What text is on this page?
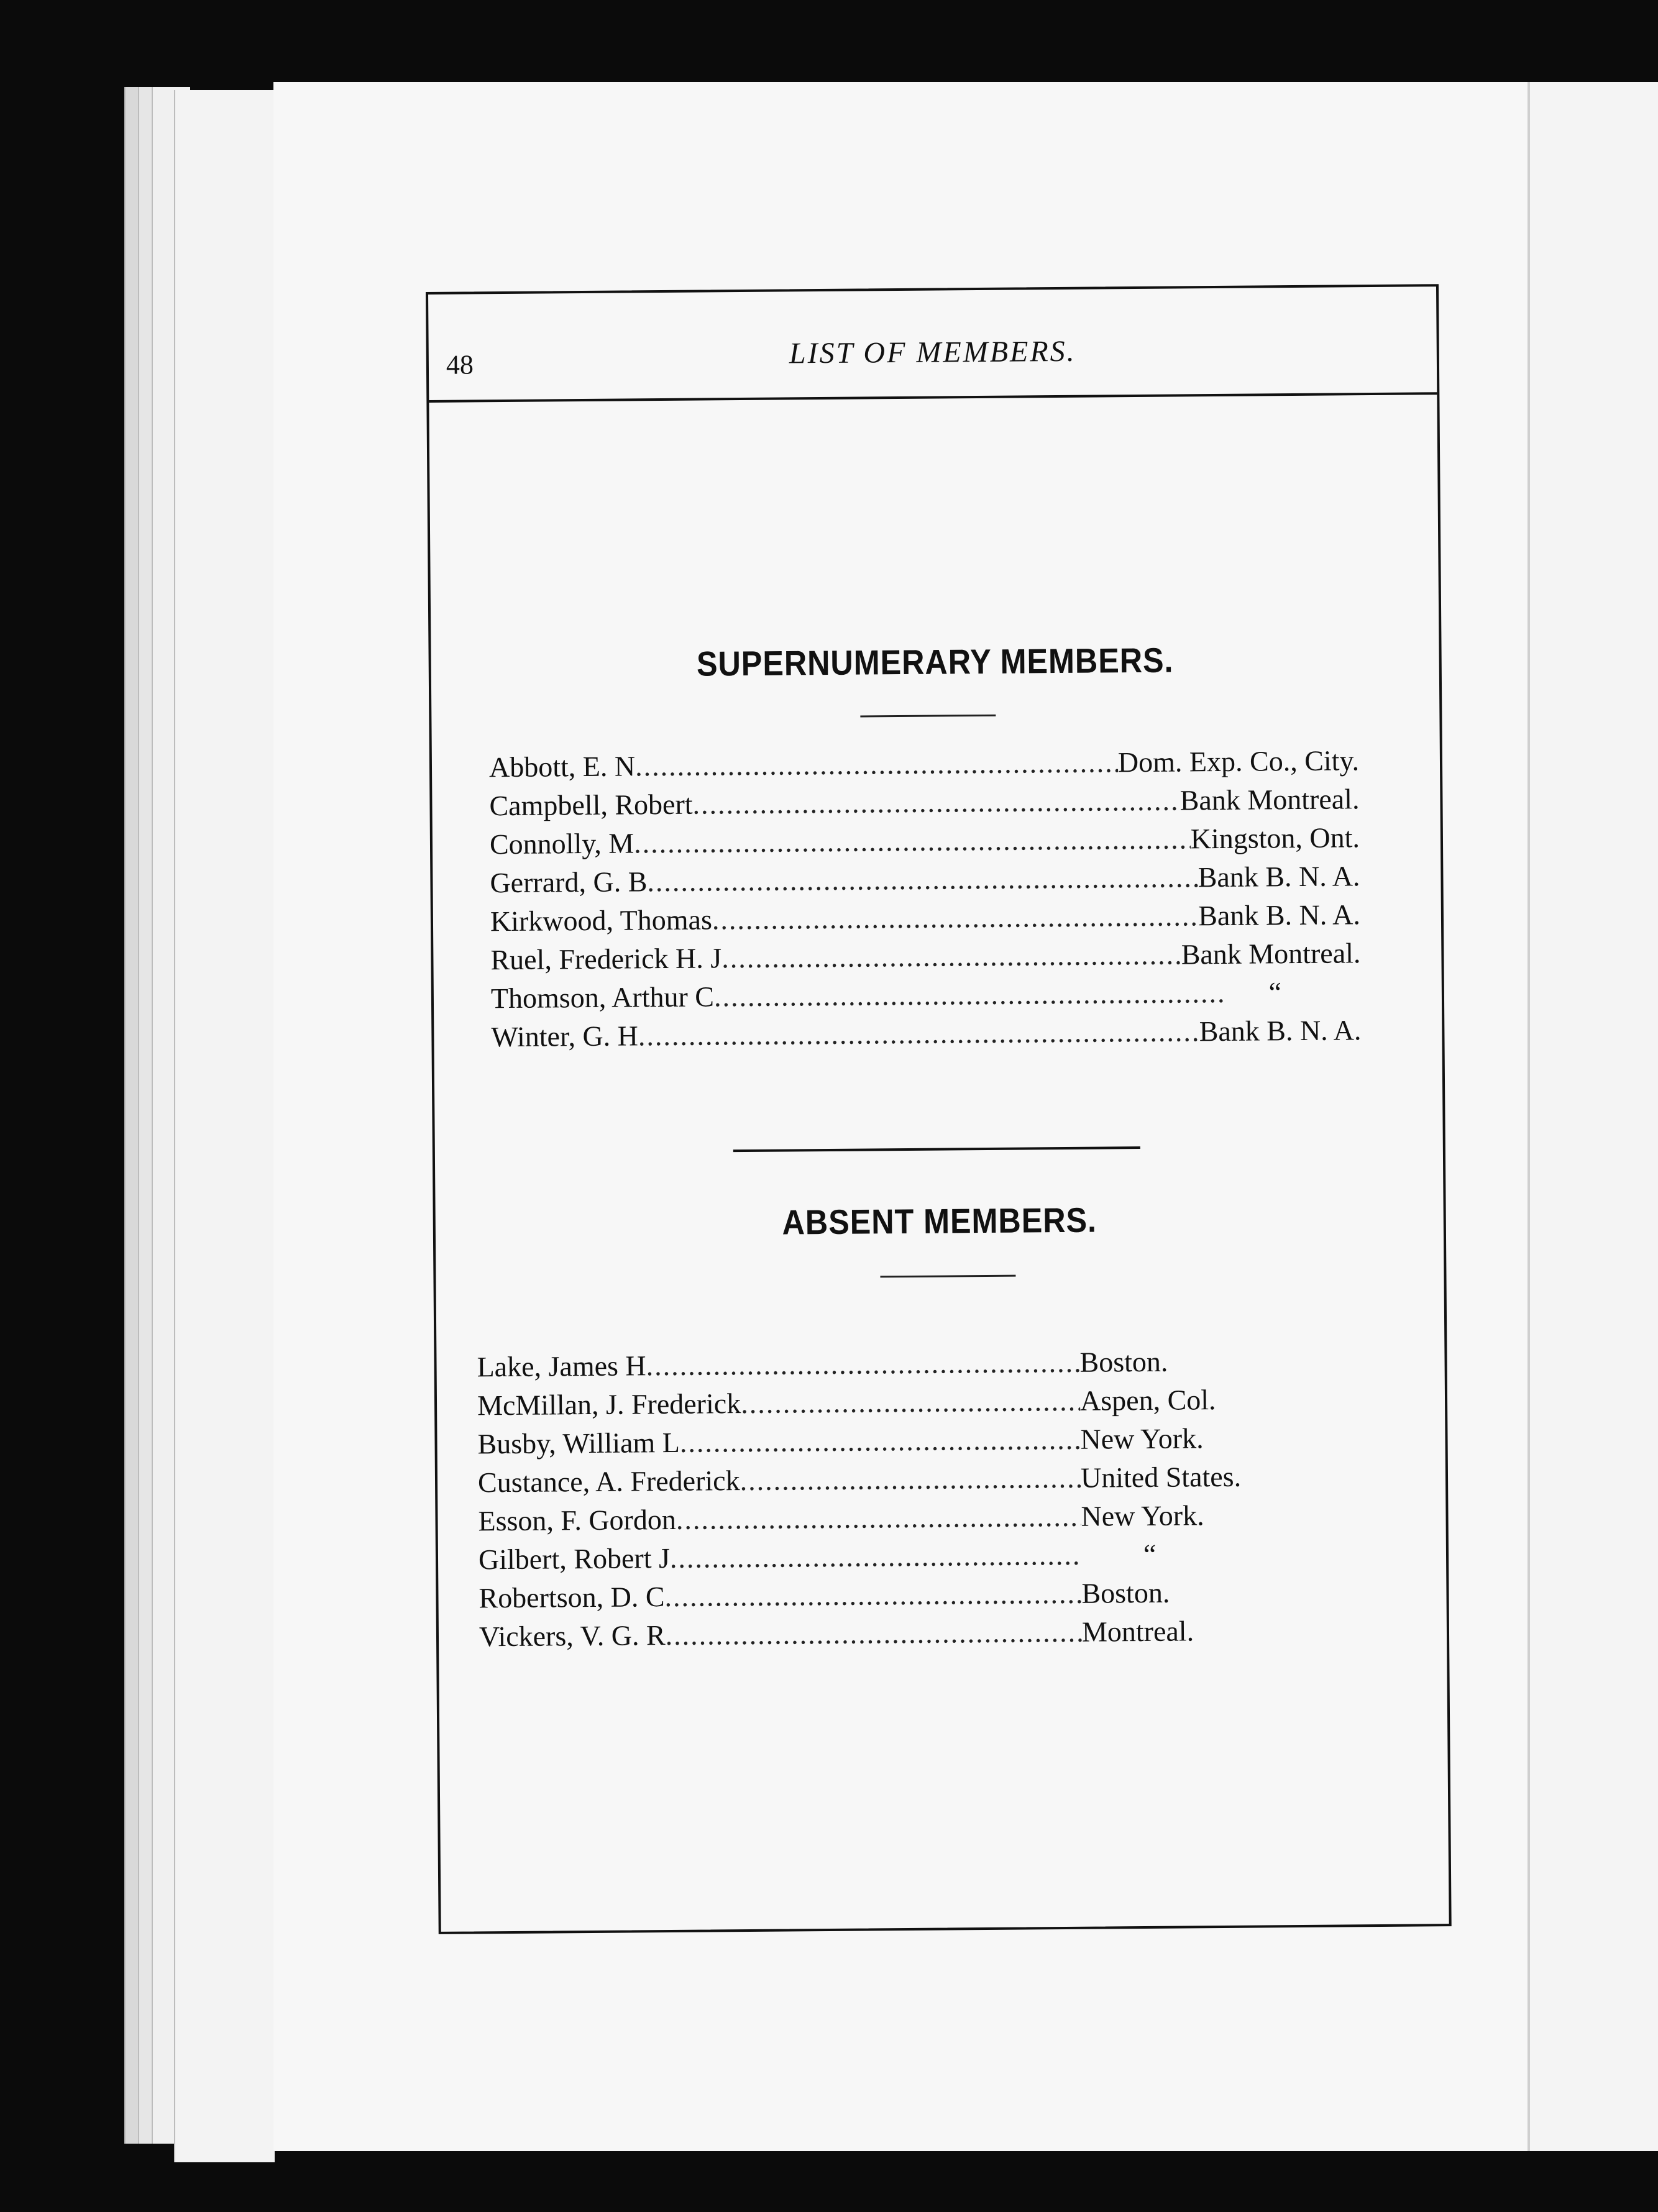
48	LIST OF MEMBERS.
SUPERNUMERARY MEMBERS.
Abbott, E. N .....	Dom. Exp. Co., City.
Campbell, Robert .....	Bank Montreal.
Connolly, M .....	Kingston, Ont.
Gerrard, G. B .....	Bank B. N. A.
Kirkwood, Thomas .....	Bank B. N. A.
Ruel, Frederick H. J .....	Bank Montreal.
Thomson, Arthur C .....	“
Winter, G. H .....	Bank B. N. A.
ABSENT MEMBERS.
Lake, James H .....	Boston.
McMillan, J. Frederick .....	Aspen, Col.
Busby, William L .....	New York.
Custance, A. Frederick .....	United States.
Esson, F. Gordon .....	New York.
Gilbert, Robert J .....	“
Robertson, D. C .....	Boston.
Vickers, V. G. R .....	Montreal.
